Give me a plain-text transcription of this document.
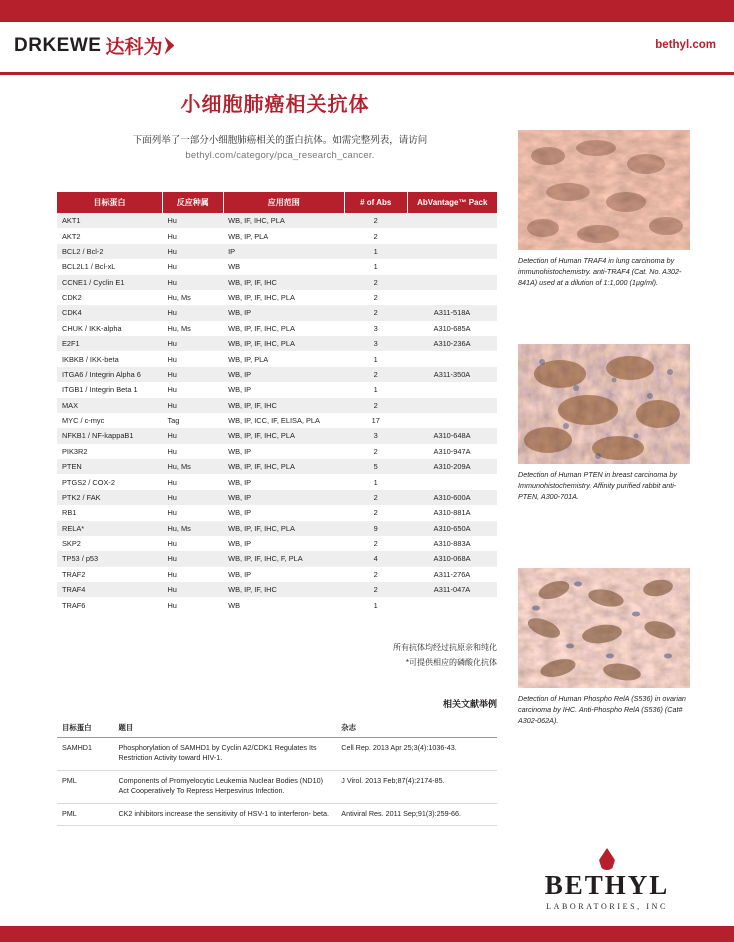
DRKEWE 达科为	bethyl.com
小细胞肺癌相关抗体
下面列举了一部分小细胞肺癌相关的蛋白抗体。如需完整列表，请访问
bethyl.com/category/pca_research_cancer.
目标蛋白	反应种属	应用范围	# of Abs	AbVantage™ Pack
AKT1	Hu	WB, IF, IHC, PLA	2	
AKT2	Hu	WB, IP, PLA	2	
BCL2 / Bcl-2	Hu	IP	1	
BCL2L1 / Bcl-xL	Hu	WB	1	
CCNE1 / Cyclin E1	Hu	WB, IP, IF, IHC	2	
CDK2	Hu, Ms	WB, IP, IF, IHC, PLA	2	
CDK4	Hu	WB, IP	2	A311-518A
CHUK / IKK-alpha	Hu, Ms	WB, IP, IF, IHC, PLA	3	A310-685A
E2F1	Hu	WB, IP, IF, IHC, PLA	3	A310-236A
IKBKB / IKK-beta	Hu	WB, IP, PLA	1	
ITGA6 / Integrin Alpha 6	Hu	WB, IP	2	A311-350A
ITGB1 / Integrin Beta 1	Hu	WB, IP	1	
MAX	Hu	WB, IP, IF, IHC	2	
MYC / c-myc	Tag	WB, IP, ICC, IF, ELISA, PLA	17	
NFKB1 / NF-kappaB1	Hu	WB, IP, IF, IHC, PLA	3	A310-648A
PIK3R2	Hu	WB, IP	2	A310-947A
PTEN	Hu, Ms	WB, IP, IF, IHC, PLA	5	A310-209A
PTGS2 / COX-2	Hu	WB, IP	1	
PTK2 / FAK	Hu	WB, IP	2	A310-600A
RB1	Hu	WB, IP	2	A310-881A
RELA*	Hu, Ms	WB, IP, IF, IHC, PLA	9	A310-650A
SKP2	Hu	WB, IP	2	A310-883A
TP53 / p53	Hu	WB, IP, IF, IHC, F, PLA	4	A310-068A
TRAF2	Hu	WB, IP	2	A311-276A
TRAF4	Hu	WB, IP, IF, IHC	2	A311-047A
TRAF6	Hu	WB	1	
所有抗体均经过抗原亲和纯化
*可提供相应的磷酸化抗体
相关文献举例
目标蛋白	题目	杂志
SAMHD1	Phosphorylation of SAMHD1 by Cyclin A2/CDK1 Regulates Its Restriction Activity toward HIV-1.	Cell Rep. 2013 Apr 25;3(4):1036-43.
PML	Components of Promyelocytic Leukemia Nuclear Bodies (ND10) Act Cooperatively To Repress Herpesvirus Infection.	J Virol. 2013 Feb;87(4):2174-85.
PML	CK2 inhibitors increase the sensitivity of HSV-1 to interferon- beta.	Antiviral Res. 2011 Sep;91(3):259-66.
Detection of Human TRAF4 in lung carcinoma by immunohistochemistry. anti-TRAF4 (Cat. No. A302-841A) used at a dilution of 1:1,000 (1µg/ml).
Detection of Human PTEN in breast carcinoma by Immunohistochemistry. Affinity purified rabbit anti-PTEN, A300-701A.
Detection of Human Phospho RelA (S536) in ovarian carcinoma by IHC. Anti-Phospho RelA (S536) (Cat# A302-062A).
BETHYL
LABORATORIES, INC
